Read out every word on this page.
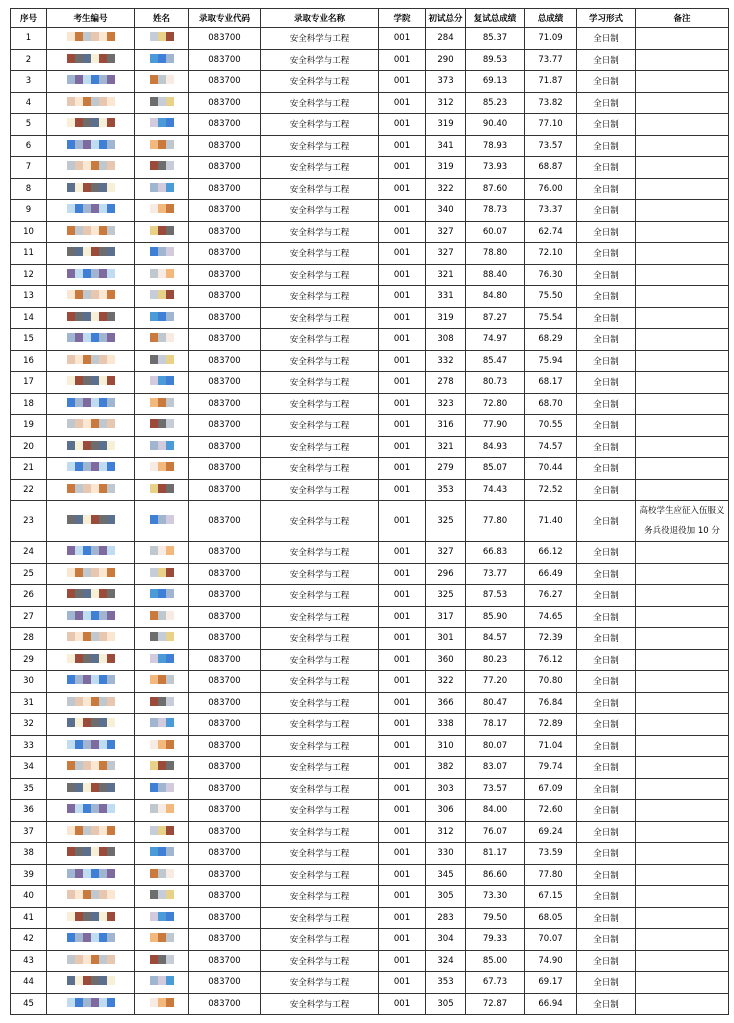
序号	考生编号	姓名	录取专业代码	录取专业名称	学院	初试总分	复试总成绩	总成绩	学习形式	备注
1			083700	安全科学与工程	001	284	85.37	71.09	全日制	
2			083700	安全科学与工程	001	290	89.53	73.77	全日制	
3			083700	安全科学与工程	001	373	69.13	71.87	全日制	
4			083700	安全科学与工程	001	312	85.23	73.82	全日制	
5			083700	安全科学与工程	001	319	90.40	77.10	全日制	
6			083700	安全科学与工程	001	341	78.93	73.57	全日制	
7			083700	安全科学与工程	001	319	73.93	68.87	全日制	
8			083700	安全科学与工程	001	322	87.60	76.00	全日制	
9			083700	安全科学与工程	001	340	78.73	73.37	全日制	
10			083700	安全科学与工程	001	327	60.07	62.74	全日制	
11			083700	安全科学与工程	001	327	78.80	72.10	全日制	
12			083700	安全科学与工程	001	321	88.40	76.30	全日制	
13			083700	安全科学与工程	001	331	84.80	75.50	全日制	
14			083700	安全科学与工程	001	319	87.27	75.54	全日制	
15			083700	安全科学与工程	001	308	74.97	68.29	全日制	
16			083700	安全科学与工程	001	332	85.47	75.94	全日制	
17			083700	安全科学与工程	001	278	80.73	68.17	全日制	
18			083700	安全科学与工程	001	323	72.80	68.70	全日制	
19			083700	安全科学与工程	001	316	77.90	70.55	全日制	
20			083700	安全科学与工程	001	321	84.93	74.57	全日制	
21			083700	安全科学与工程	001	279	85.07	70.44	全日制	
22			083700	安全科学与工程	001	353	74.43	72.52	全日制	
23			083700	安全科学与工程	001	325	77.80	71.40	全日制	高校学生应征入伍服义务兵役退役加 10 分
24			083700	安全科学与工程	001	327	66.83	66.12	全日制	
25			083700	安全科学与工程	001	296	73.77	66.49	全日制	
26			083700	安全科学与工程	001	325	87.53	76.27	全日制	
27			083700	安全科学与工程	001	317	85.90	74.65	全日制	
28			083700	安全科学与工程	001	301	84.57	72.39	全日制	
29			083700	安全科学与工程	001	360	80.23	76.12	全日制	
30			083700	安全科学与工程	001	322	77.20	70.80	全日制	
31			083700	安全科学与工程	001	366	80.47	76.84	全日制	
32			083700	安全科学与工程	001	338	78.17	72.89	全日制	
33			083700	安全科学与工程	001	310	80.07	71.04	全日制	
34			083700	安全科学与工程	001	382	83.07	79.74	全日制	
35			083700	安全科学与工程	001	303	73.57	67.09	全日制	
36			083700	安全科学与工程	001	306	84.00	72.60	全日制	
37			083700	安全科学与工程	001	312	76.07	69.24	全日制	
38			083700	安全科学与工程	001	330	81.17	73.59	全日制	
39			083700	安全科学与工程	001	345	86.60	77.80	全日制	
40			083700	安全科学与工程	001	305	73.30	67.15	全日制	
41			083700	安全科学与工程	001	283	79.50	68.05	全日制	
42			083700	安全科学与工程	001	304	79.33	70.07	全日制	
43			083700	安全科学与工程	001	324	85.00	74.90	全日制	
44			083700	安全科学与工程	001	353	67.73	69.17	全日制	
45			083700	安全科学与工程	001	305	72.87	66.94	全日制	
